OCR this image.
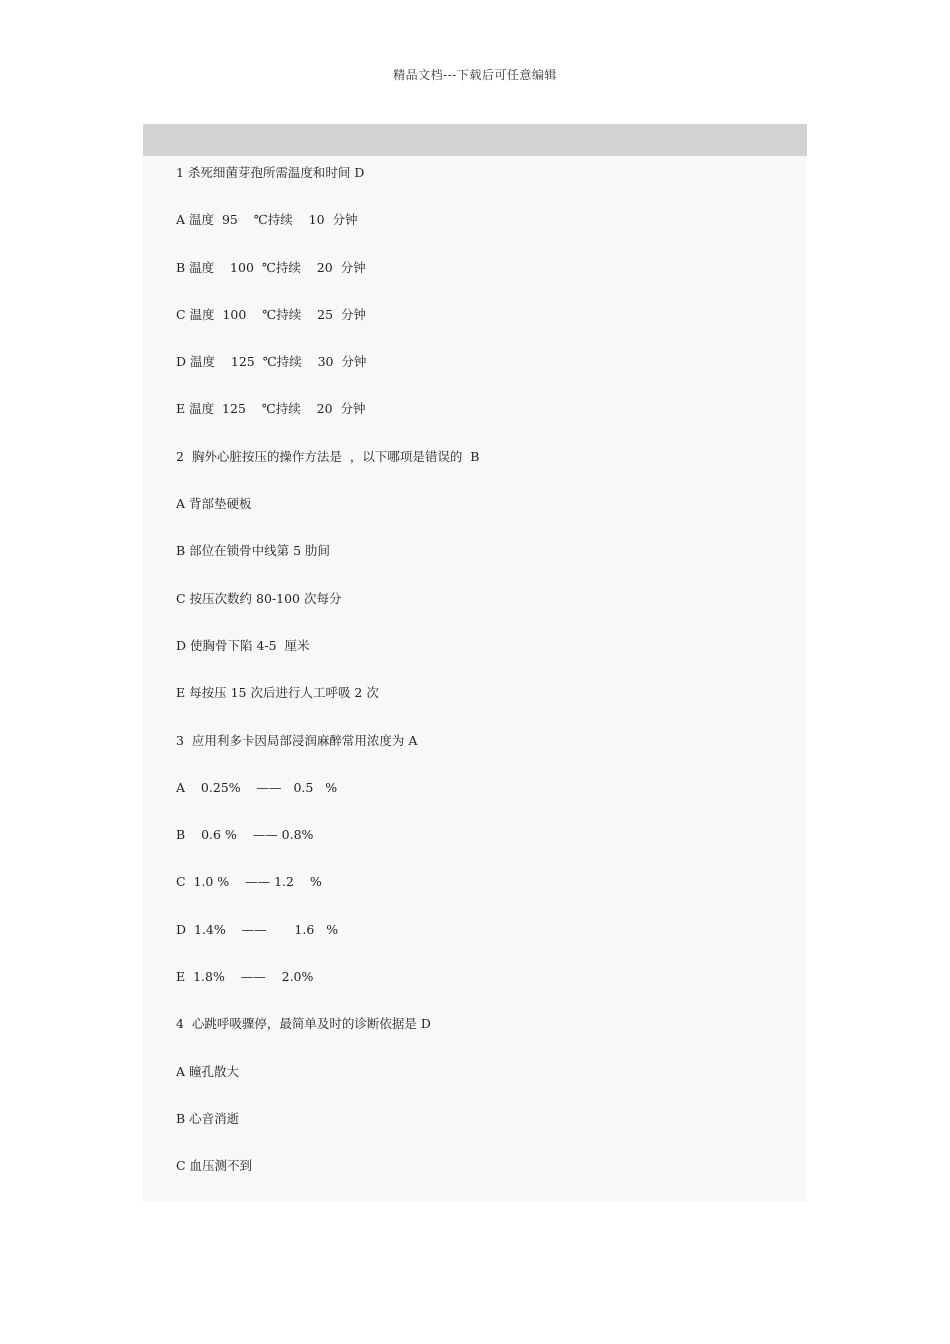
精品文档---下载后可任意编辑
1 杀死细菌芽孢所需温度和时间 D
A 温度  95    ℃持续    10  分钟
B 温度    100  ℃持续    20  分钟
C 温度  100    ℃持续    25  分钟
D 温度    125  ℃持续    30  分钟
E 温度  125    ℃持续    20  分钟
2  胸外心脏按压的操作方法是  ，以下哪项是错误的  B
A 背部垫硬板
B 部位在锁骨中线第 5 肋间
C 按压次数约 80-100 次每分
D 使胸骨下陷 4-5  厘米
E 每按压 15 次后进行人工呼吸 2 次
3  应用利多卡因局部浸润麻醉常用浓度为 A
A    0.25%    ——   0.5   %
B    0.6 %    —— 0.8%
C  1.0 %    —— 1.2    %
D  1.4%    ——       1.6   %
E  1.8%    ——    2.0%
4  心跳呼吸骤停，最简单及时的诊断依据是 D
A 瞳孔散大
B 心音消逝
C 血压测不到
